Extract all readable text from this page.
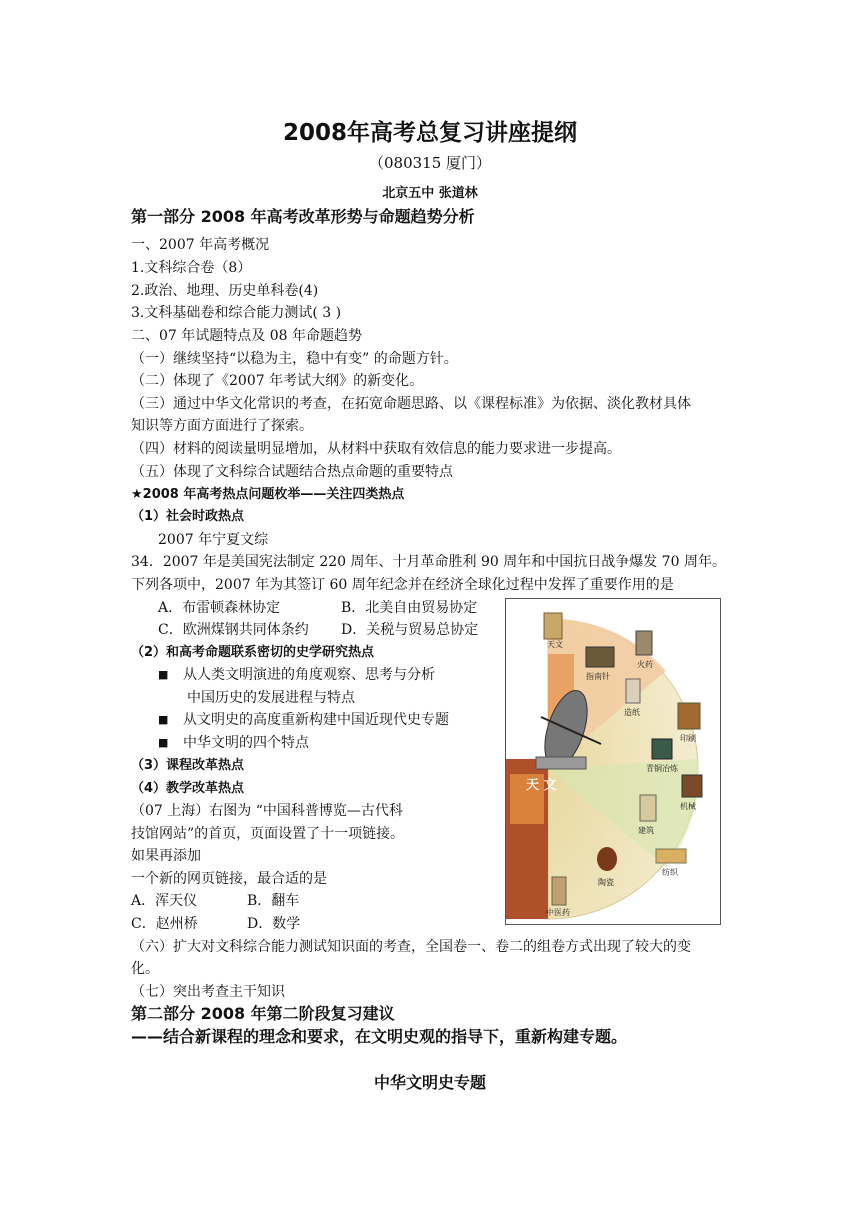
2008年高考总复习讲座提纲
（080315 厦门）
北京五中 张道林
第一部分 2008 年高考改革形势与命题趋势分析
一、2007 年高考概况
1.文科综合卷（8）
2.政治、地理、历史单科卷(4)
3.文科基础卷和综合能力测试( 3 )
二、07 年试题特点及 08 年命题趋势
（一）继续坚持“以稳为主，稳中有变” 的命题方针。
（二）体现了《2007 年考试大纲》的新变化。
（三）通过中华文化常识的考查，在拓宽命题思路、以《课程标准》为依据、淡化教材具体
知识等方面方面进行了探索。
（四）材料的阅读量明显增加，从材料中获取有效信息的能力要求进一步提高。
（五）体现了文科综合试题结合热点命题的重要特点
★2008 年高考热点问题枚举——关注四类热点
（1）社会时政热点
2007 年宁夏文综
34．2007 年是美国宪法制定 220 周年、十月革命胜利 90 周年和中国抗日战争爆发 70 周年。
下列各项中，2007 年为其签订 60 周年纪念并在经济全球化过程中发挥了重要作用的是
A．布雷顿森林协定	B．北美自由贸易协定
C．欧洲煤钢共同体条约 D．关税与贸易总协定
（2）和高考命题联系密切的史学研究热点
■ 从人类文明演进的角度观察、思考与分析
中国历史的发展进程与特点
■ 从文明史的高度重新构建中国近现代史专题
■ 中华文明的四个特点
（3）课程改革热点
（4）教学改革热点
（07 上海）右图为 “中国科普博览—古代科
技馆网站”的首页，页面设置了十一项链接。
如果再添加
一个新的网页链接，最合适的是
A．浑天仪	B．翻车
C．赵州桥	D．数学
（六）扩大对文科综合能力测试知识面的考查，全国卷一、卷二的组卷方式出现了较大的变
化。
（七）突出考查主干知识
第二部分 2008 年第二阶段复习建议
——结合新课程的理念和要求，在文明史观的指导下，重新构建专题。
中华文明史专题
天 文
天文
指南针
火药
造纸
印刷
青铜冶炼
机械
建筑
纺织
陶瓷
中医药
